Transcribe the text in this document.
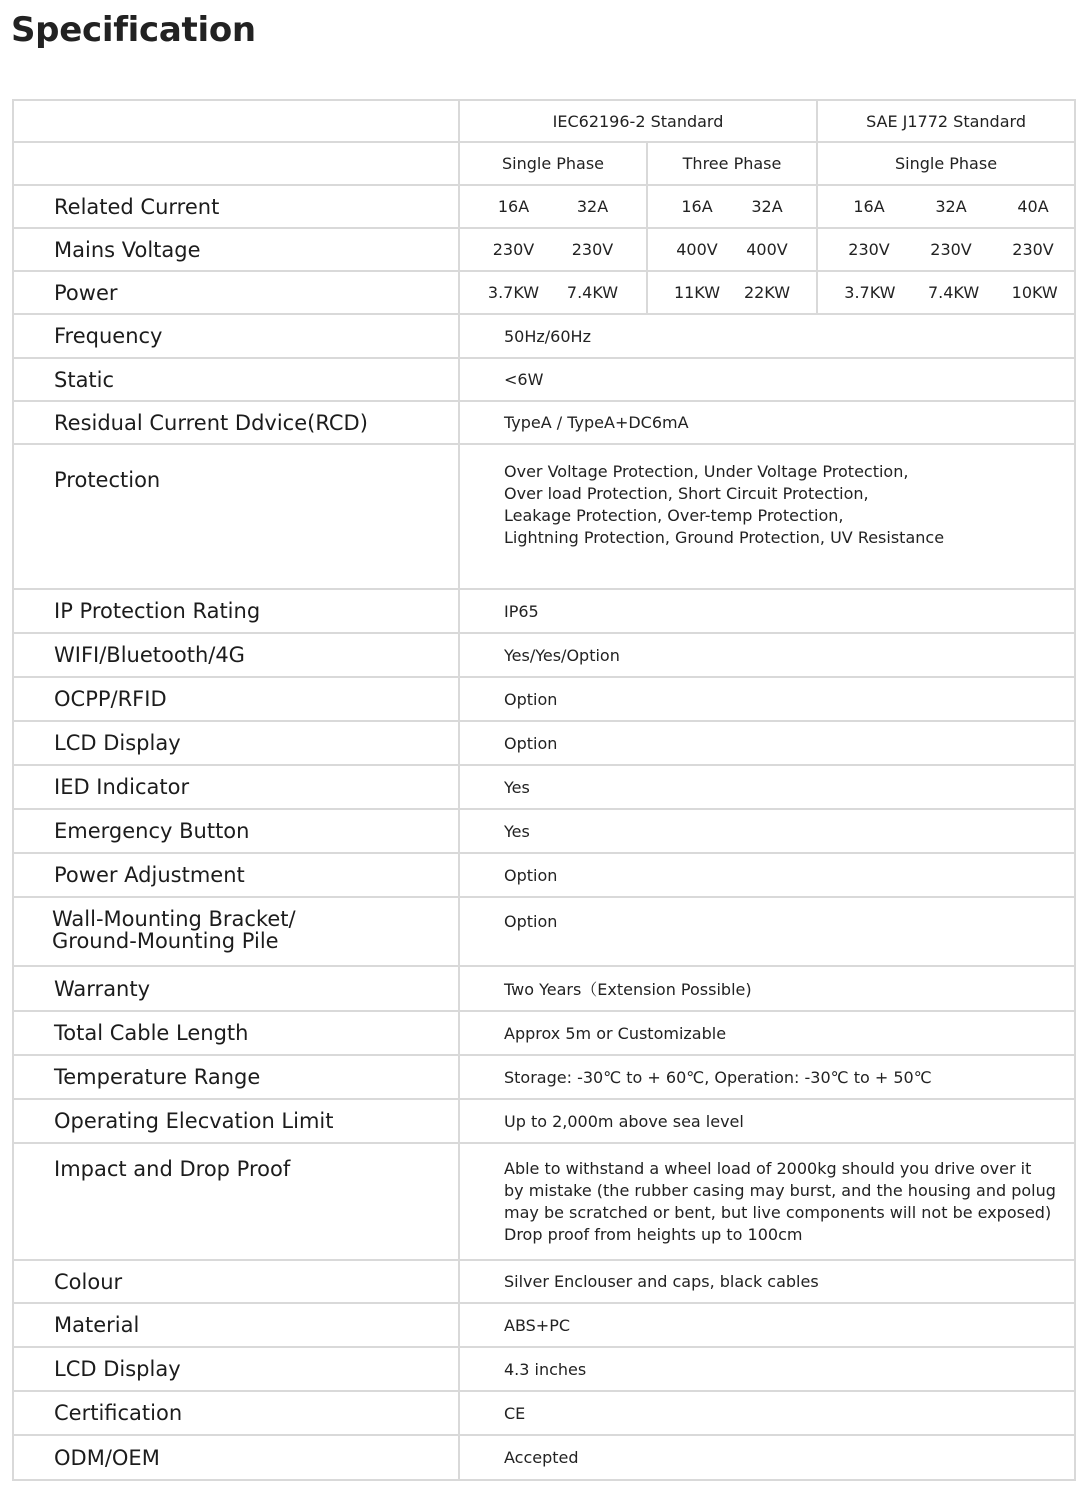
Specification
	IEC62196-2 Standard		SAE J1772 Standard
	Single Phase	Three Phase	Single Phase
Related Current	16A 32A	16A 32A	16A 32A 40A

Mains Voltage	230V 230V	400V 400V	230V 230V 230V

Power	3.7KW 7.4KW	11KW 22KW	3.7KW 7.4KW 10KW

Frequency	50Hz/60Hz		
Static	<6W		
Residual Current Ddvice(RCD)	TypeA / TypeA+DC6mA		
Protection	Over Voltage Protection, Under Voltage Protection,
Over load Protection, Short Circuit Protection,
Leakage Protection, Over-temp Protection,
Lightning Protection, Ground Protection, UV Resistance		

IP Protection Rating	IP65		
WIFI/Bluetooth/4G	Yes/Yes/Option		
OCPP/RFID	Option		
LCD Display	Option		
IED Indicator	Yes		
Emergency Button	Yes		
Power Adjustment	Option		

Wall-Mounting Bracket/
Ground-Mounting Pile	Option		
Warranty	Two Years（Extension Possible)		
Total Cable Length	Approx 5m or Customizable		
Temperature Range	Storage: -30℃ to + 60℃, Operation: -30℃ to + 50℃		
Operating Elecvation Limit	Up to 2,000m above sea level		
Impact and Drop Proof	Able to withstand a wheel load of 2000kg should you drive over it
by mistake (the rubber casing may burst, and the housing and polug
may be scratched or bent, but live components will not be exposed)
Drop proof from heights up to 100cm		

Colour	Silver Enclouser and caps, black cables		
Material	ABS+PC		
LCD Display	4.3 inches		
Certification	CE		
ODM/OEM	Accepted		
